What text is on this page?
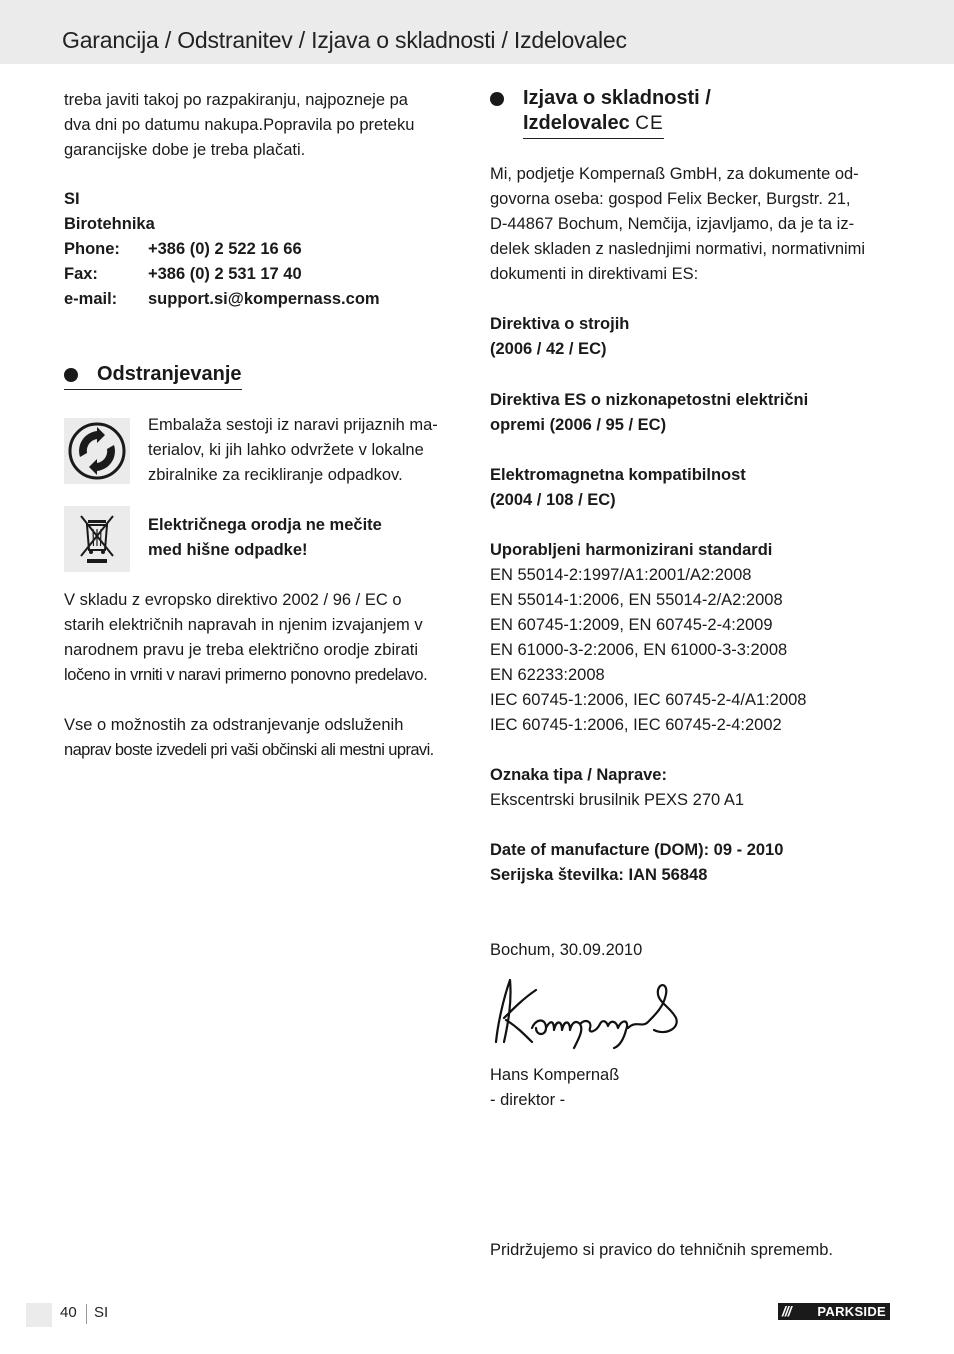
Garancija / Odstranitev / Izjava o skladnosti / Izdelovalec
treba javiti takoj po razpakiranju, najpozneje pa
dva dni po datumu nakupa.Popravila po preteku
garancijske dobe je treba plačati.
SI
Birotehnika
Phone: +386 (0) 2 522 16 66
Fax:	+386 (0) 2 531 17 40
e-mail: support.si@kompernass.com
Odstranjevanje
Embalaža sestoji iz naravi prijaznih ma-
terialov, ki jih lahko odvržete v lokalne
zbiralnike za recikliranje odpadkov.
Električnega orodja ne mečite
med hišne odpadke!
V skladu z evropsko direktivo 2002 / 96 / EC o
starih električnih napravah in njenim izvajanjem v
narodnem pravu je treba električno orodje zbirati
ločeno in vrniti v naravi primerno ponovno predelavo.
Vse o možnostih za odstranjevanje odsluženih
naprav boste izvedeli pri vaši občinski ali mestni upravi.
Izjava o skladnosti /
Izdelovalec CE
Mi, podjetje Kompernaß GmbH, za dokumente od-
govorna oseba: gospod Felix Becker, Burgstr. 21,
D-44867 Bochum, Nemčija, izjavljamo, da je ta iz-
delek skladen z naslednjimi normativi, normativnimi
dokumenti in direktivami ES:
Direktiva o strojih
(2006 / 42 / EC)
Direktiva ES o nizkonapetostni električni
opremi (2006 / 95 / EC)
Elektromagnetna kompatibilnost
(2004 / 108 / EC)
Uporabljeni harmonizirani standardi
EN 55014-2:1997/A1:2001/A2:2008
EN 55014-1:2006, EN 55014-2/A2:2008
EN 60745-1:2009, EN 60745-2-4:2009
EN 61000-3-2:2006, EN 61000-3-3:2008
EN 62233:2008
IEC 60745-1:2006, IEC 60745-2-4/A1:2008
IEC 60745-1:2006, IEC 60745-2-4:2002
Oznaka tipa / Naprave:
Ekscentrski brusilnik PEXS 270 A1
Date of manufacture (DOM): 09 - 2010
Serijska številka: IAN 56848
Bochum, 30.09.2010
Hans Kompernaß
- direktor -
Pridržujemo si pravico do tehničnih sprememb.
40 SI	/// PARKSIDE
